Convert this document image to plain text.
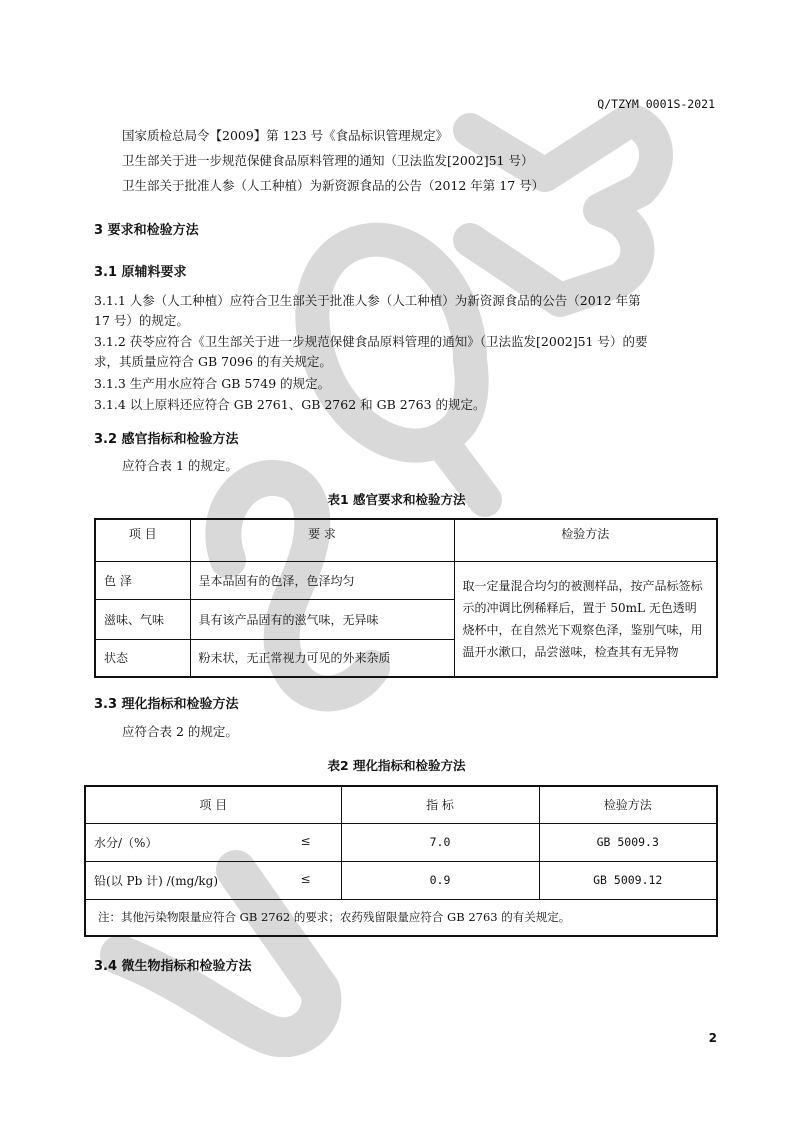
Q/TZYM 0001S-2021
国家质检总局令【2009】第 123 号《食品标识管理规定》
卫生部关于进一步规范保健食品原料管理的通知（卫法监发[2002]51 号）
卫生部关于批准人参（人工种植）为新资源食品的公告（2012 年第 17 号）
3 要求和检验方法
3.1 原辅料要求
3.1.1 人参（人工种植）应符合卫生部关于批准人参（人工种植）为新资源食品的公告（2012 年第
17 号）的规定。
3.1.2 茯苓应符合《卫生部关于进一步规范保健食品原料管理的通知》（卫法监发[2002]51 号）的要
求，其质量应符合 GB 7096 的有关规定。
3.1.3 生产用水应符合 GB 5749 的规定。
3.1.4 以上原料还应符合 GB 2761、GB 2762 和 GB 2763 的规定。
3.2 感官指标和检验方法
应符合表 1 的规定。
表1 感官要求和检验方法
项 目	要 求	检验方法
色 泽	呈本品固有的色泽，色泽均匀	取一定量混合均匀的被测样品，按产品标签标示的冲调比例稀释后，置于 50mL 无色透明烧杯中，在自然光下观察色泽，鉴别气味，用温开水漱口，品尝滋味，检查其有无异物
滋味、气味	具有该产品固有的滋气味，无异味	
状态	粉末状，无正常视力可见的外来杂质	
3.3 理化指标和检验方法
应符合表 2 的规定。
表2 理化指标和检验方法
项 目	指 标	检验方法
水分/（%） ≤	7.0	GB 5009.3
铅(以 Pb 计) /(mg/kg) ≤	0.9	GB 5009.12
注：其他污染物限量应符合 GB 2762 的要求；农药残留限量应符合 GB 2763 的有关规定。		
3.4 微生物指标和检验方法
2
